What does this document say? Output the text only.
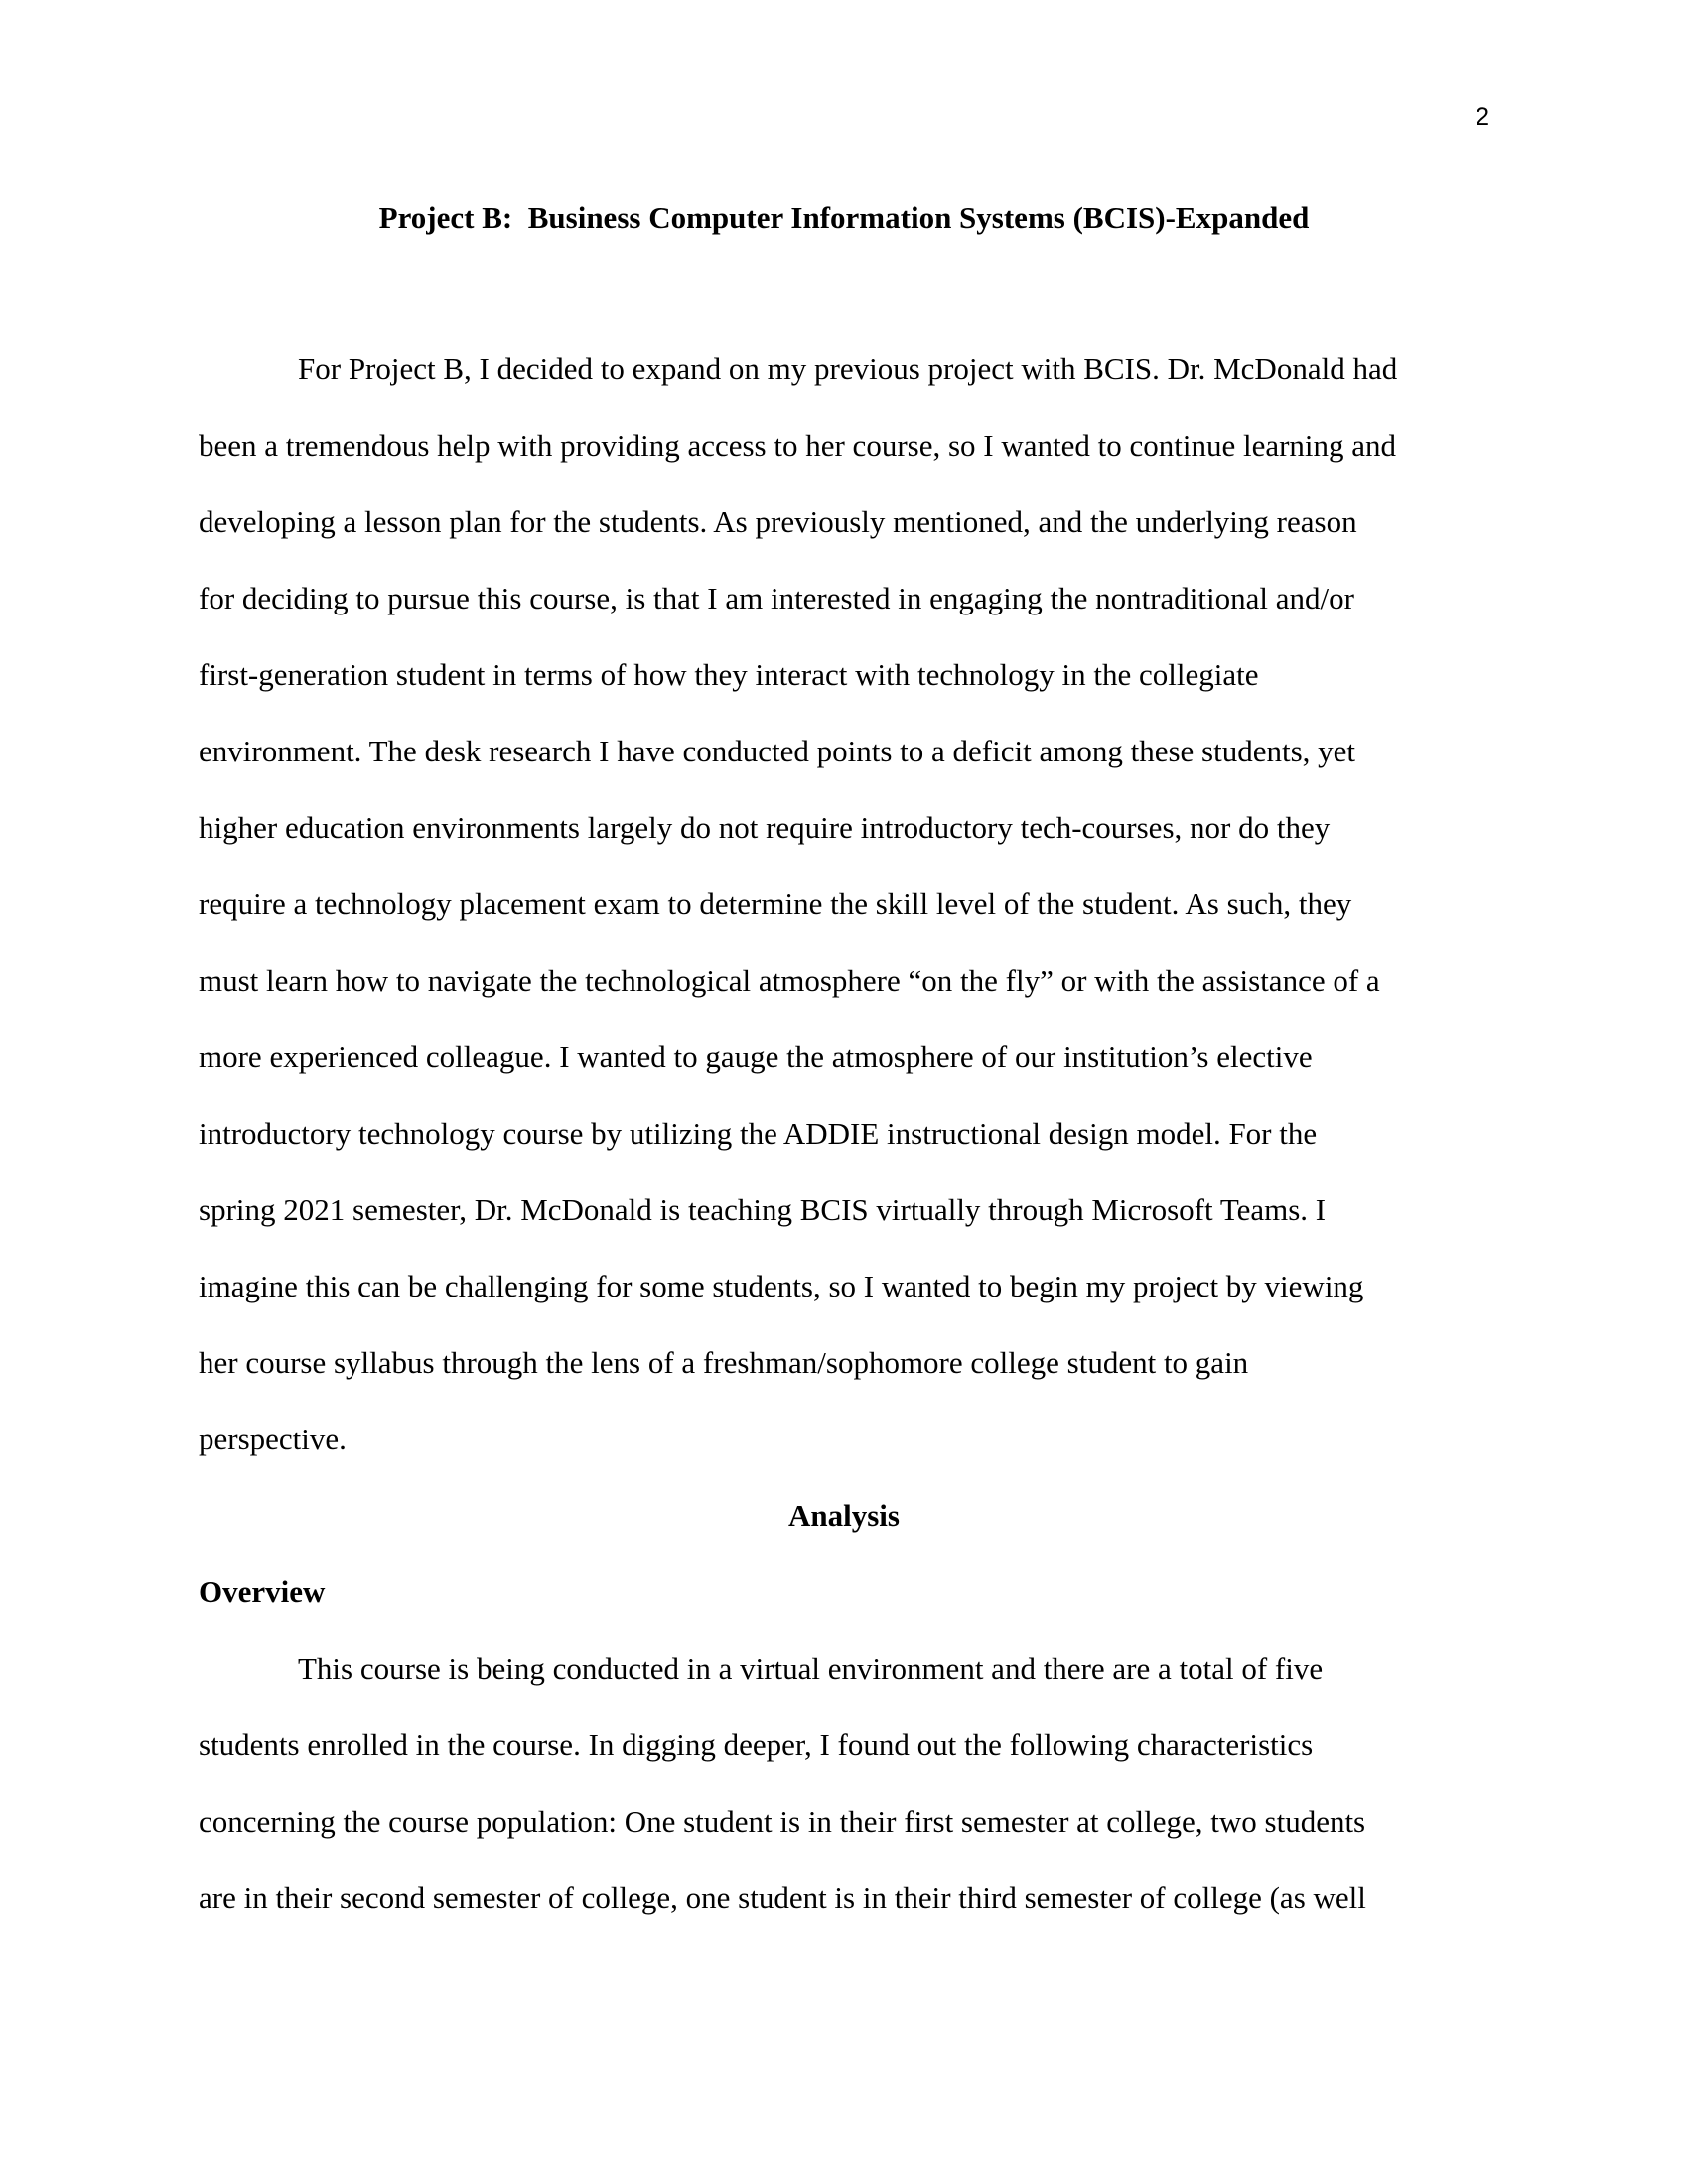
2
Project B:  Business Computer Information Systems (BCIS)-Expanded
For Project B, I decided to expand on my previous project with BCIS. Dr. McDonald had
been a tremendous help with providing access to her course, so I wanted to continue learning and
developing a lesson plan for the students. As previously mentioned, and the underlying reason
for deciding to pursue this course, is that I am interested in engaging the nontraditional and/or
first-generation student in terms of how they interact with technology in the collegiate
environment. The desk research I have conducted points to a deficit among these students, yet
higher education environments largely do not require introductory tech-courses, nor do they
require a technology placement exam to determine the skill level of the student. As such, they
must learn how to navigate the technological atmosphere “on the fly” or with the assistance of a
more experienced colleague. I wanted to gauge the atmosphere of our institution’s elective
introductory technology course by utilizing the ADDIE instructional design model. For the
spring 2021 semester, Dr. McDonald is teaching BCIS virtually through Microsoft Teams. I
imagine this can be challenging for some students, so I wanted to begin my project by viewing
her course syllabus through the lens of a freshman/sophomore college student to gain
perspective.
Analysis
Overview
This course is being conducted in a virtual environment and there are a total of five
students enrolled in the course. In digging deeper, I found out the following characteristics
concerning the course population: One student is in their first semester at college, two students
are in their second semester of college, one student is in their third semester of college (as well
